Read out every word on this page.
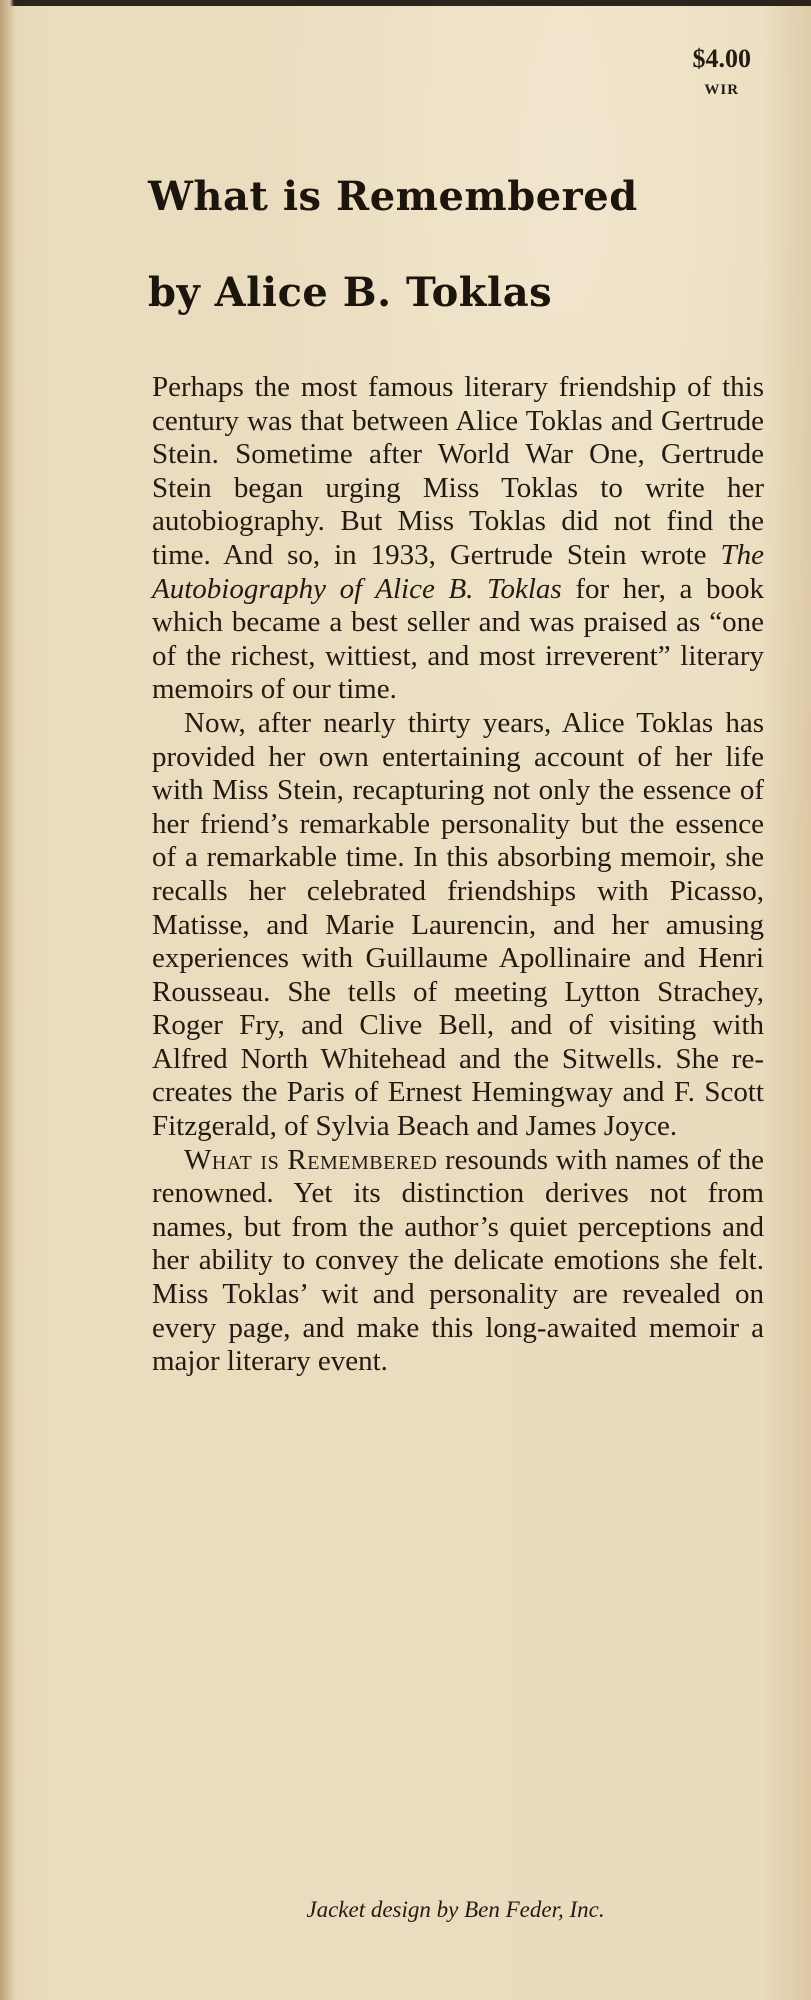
$4.00
WIR
What is Remembered
by Alice B. Toklas

Perhaps the most famous literary friendship of this century was that between Alice Toklas and Gertrude Stein. Sometime after World War One, Gertrude Stein began urging Miss Toklas to write her autobiography. But Miss Toklas did not find the time. And so, in 1933, Gertrude Stein wrote The Autobiography of Alice B. Toklas for her, a book which became a best seller and was praised as “one of the richest, wittiest, and most irreverent” literary memoirs of our time.

Now, after nearly thirty years, Alice Toklas has provided her own entertaining account of her life with Miss Stein, recapturing not only the essence of her friend’s remarkable personality but the essence of a remarkable time. In this absorbing memoir, she recalls her celebrated friendships with Picasso, Matisse, and Marie Laurencin, and her amusing experiences with Guillaume Apollinaire and Henri Rousseau. She tells of meeting Lytton Strachey, Roger Fry, and Clive Bell, and of visiting with Alfred North Whitehead and the Sitwells. She re-creates the Paris of Ernest Hemingway and F. Scott Fitzgerald, of Sylvia Beach and James Joyce.

What is Remembered resounds with names of the renowned. Yet its distinction derives not from names, but from the author’s quiet perceptions and her ability to convey the delicate emotions she felt. Miss Toklas’ wit and personality are revealed on every page, and make this long-awaited memoir a major literary event.

Jacket design by Ben Feder, Inc.
